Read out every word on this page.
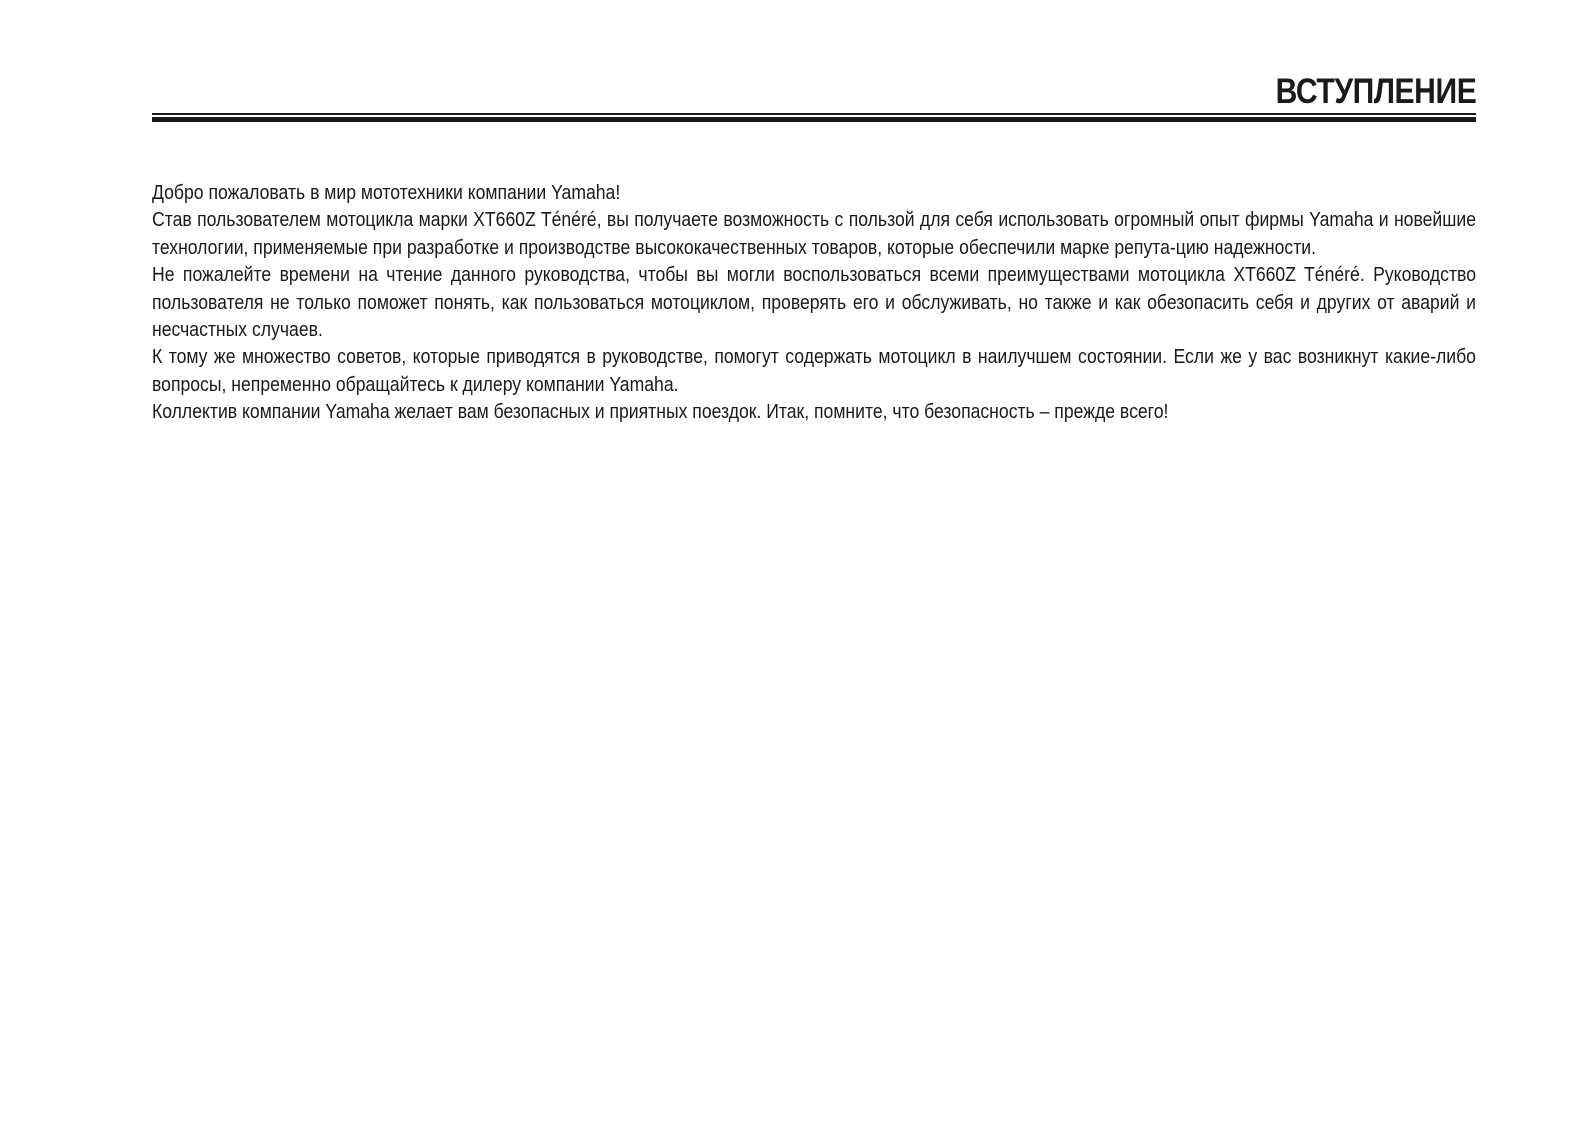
ВСТУПЛЕНИЕ

Добро пожаловать в мир мототехники компании Yamaha!

Став пользователем мотоцикла марки XT660Z Ténéré, вы получаете возможность с пользой для себя использовать огромный опыт фирмы Yamaha и новейшие технологии, применяемые при разработке и производстве высококачественных товаров, которые обеспечили марке репута-цию надежности.

Не пожалейте времени на чтение данного руководства, чтобы вы могли воспользоваться всеми преимуществами мотоцикла XT660Z Ténéré. Руководство пользователя не только поможет понять, как пользоваться мотоциклом, проверять его и обслуживать, но также и как обезопасить себя и других от аварий и несчастных случаев.

К тому же множество советов, которые приводятся в руководстве, помогут содержать мотоцикл в наилучшем состоянии. Если же у вас возникнут какие-либо вопросы, непременно обращайтесь к дилеру компании Yamaha.

Коллектив компании Yamaha желает вам безопасных и приятных поездок. Итак, помните, что безопасность – прежде всего!
